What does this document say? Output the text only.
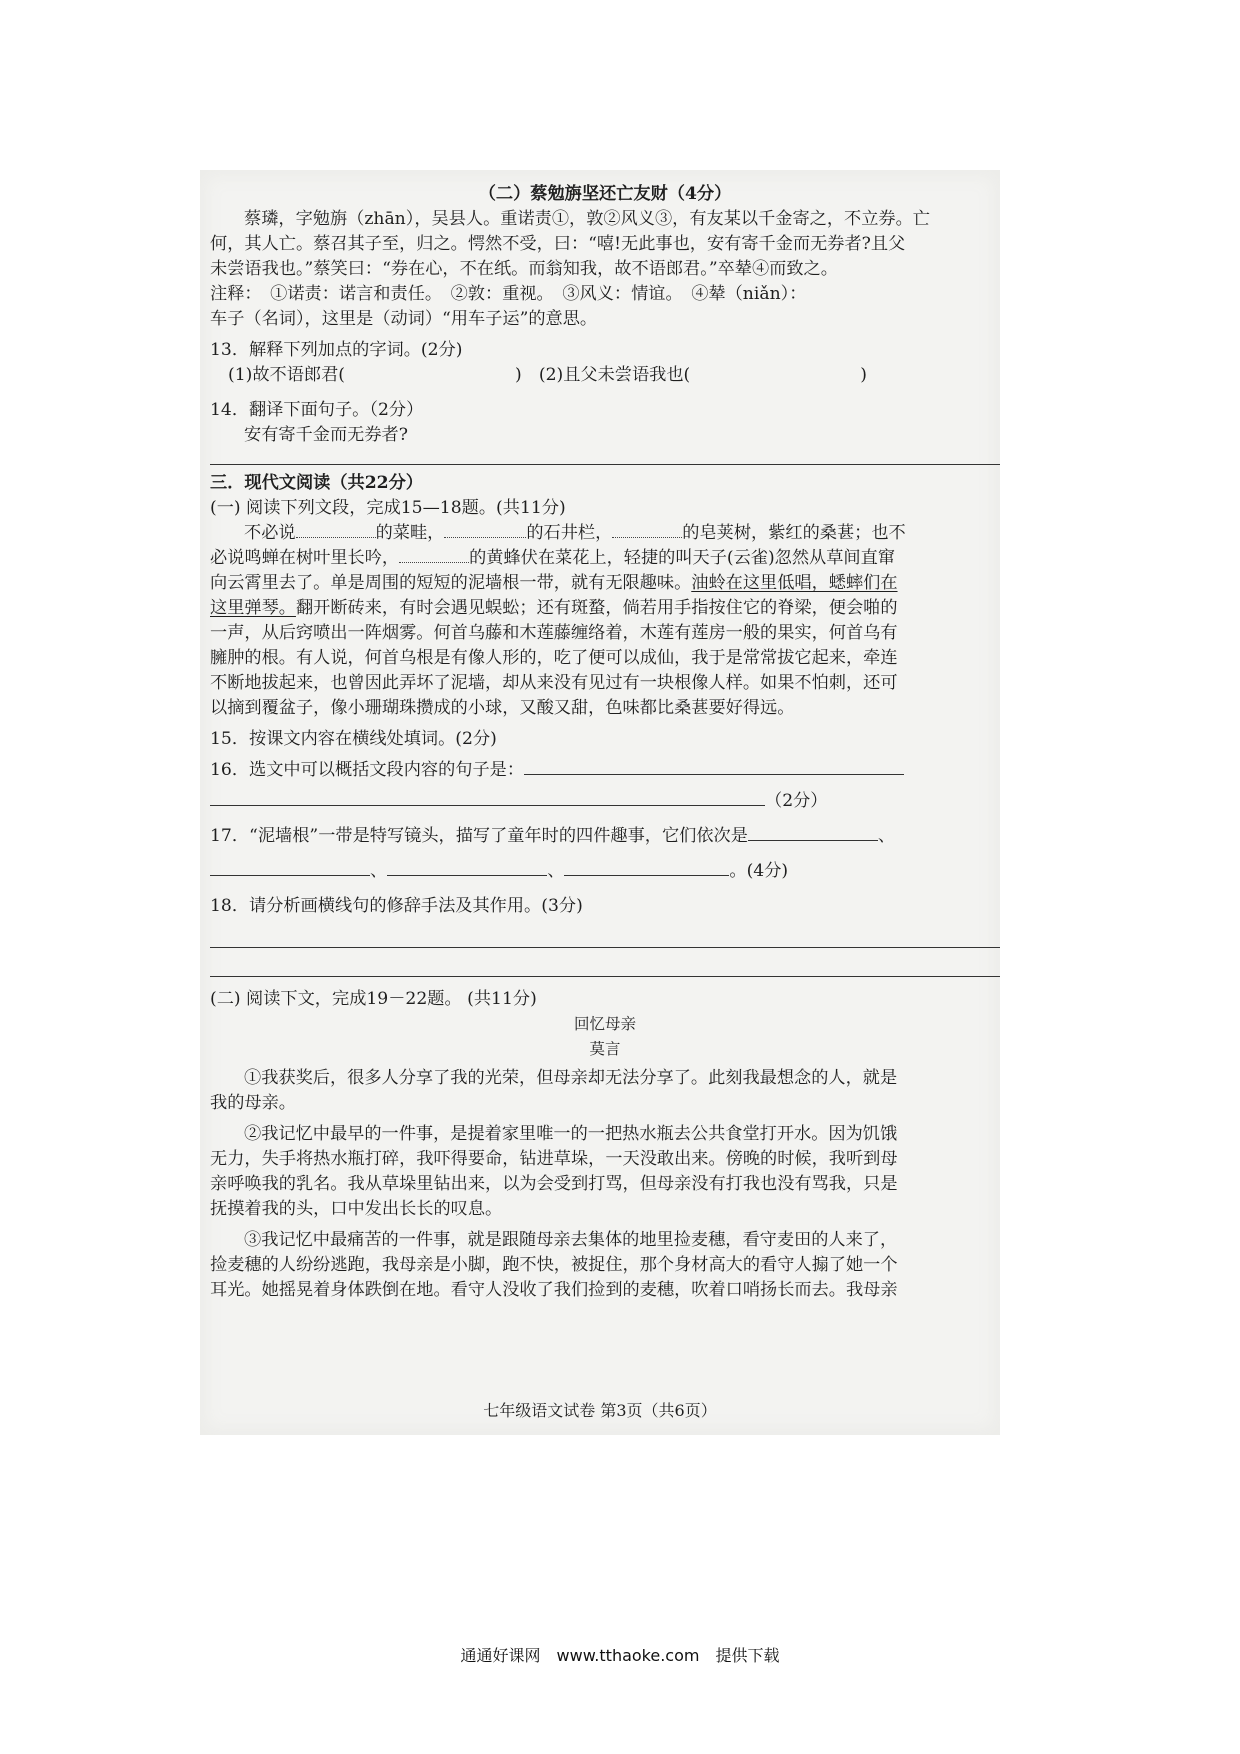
（二）蔡勉旃坚还亡友财（4分）
蔡璘，字勉旃（zhān），吴县人。重诺责①，敦②风义③，有友某以千金寄之，不立券。亡
何，其人亡。蔡召其子至，归之。愕然不受，曰：“嘻!无此事也，安有寄千金而无券者?且父
未尝语我也。”蔡笑曰：“券在心，不在纸。而翁知我，故不语郎君。”卒辇④而致之。
注释：　①诺责：诺言和责任。　②敦：重视。　③风义：情谊。　④辇（niǎn）：
车子（名词），这里是（动词）“用车子运”的意思。
13．解释下列加点的字词。(2分)
(1)故不语郎君(	)　(2)且父未尝语我也(	)
14．翻译下面句子。（2分）
安有寄千金而无券者?
三．现代文阅读（共22分）
(一) 阅读下列文段，完成15—18题。(共11分)
不必说	的菜畦，	的石井栏，	的皂荚树，紫红的桑葚；也不
必说鸣蝉在树叶里长吟，	的黄蜂伏在菜花上，轻捷的叫天子(云雀)忽然从草间直窜
向云霄里去了。单是周围的短短的泥墙根一带，就有无限趣味。油蛉在这里低唱，蟋蟀们在
这里弹琴。翻开断砖来，有时会遇见蜈蚣；还有斑蝥，倘若用手指按住它的脊梁，便会啪的
一声，从后窍喷出一阵烟雾。何首乌藤和木莲藤缠络着，木莲有莲房一般的果实，何首乌有
臃肿的根。有人说，何首乌根是有像人形的，吃了便可以成仙，我于是常常拔它起来，牵连
不断地拔起来，也曾因此弄坏了泥墙，却从来没有见过有一块根像人样。如果不怕刺，还可
以摘到覆盆子，像小珊瑚珠攒成的小球，又酸又甜，色味都比桑葚要好得远。
15．按课文内容在横线处填词。(2分)
16．选文中可以概括文段内容的句子是：
（2分）
17．“泥墙根”一带是特写镜头，描写了童年时的四件趣事，它们依次是	、
、	、	。(4分)
18．请分析画横线句的修辞手法及其作用。(3分)
(二) 阅读下文，完成19－22题。 (共11分)
回忆母亲
莫言
①我获奖后，很多人分享了我的光荣，但母亲却无法分享了。此刻我最想念的人，就是
我的母亲。
②我记忆中最早的一件事，是提着家里唯一的一把热水瓶去公共食堂打开水。因为饥饿
无力，失手将热水瓶打碎，我吓得要命，钻进草垛，一天没敢出来。傍晚的时候，我听到母
亲呼唤我的乳名。我从草垛里钻出来，以为会受到打骂，但母亲没有打我也没有骂我，只是
抚摸着我的头，口中发出长长的叹息。
③我记忆中最痛苦的一件事，就是跟随母亲去集体的地里捡麦穗，看守麦田的人来了，
捡麦穗的人纷纷逃跑，我母亲是小脚，跑不快，被捉住，那个身材高大的看守人搧了她一个
耳光。她摇晃着身体跌倒在地。看守人没收了我们捡到的麦穗，吹着口哨扬长而去。我母亲
七年级语文试卷 第3页（共6页）
通通好课网　www.tthaoke.com　提供下载
